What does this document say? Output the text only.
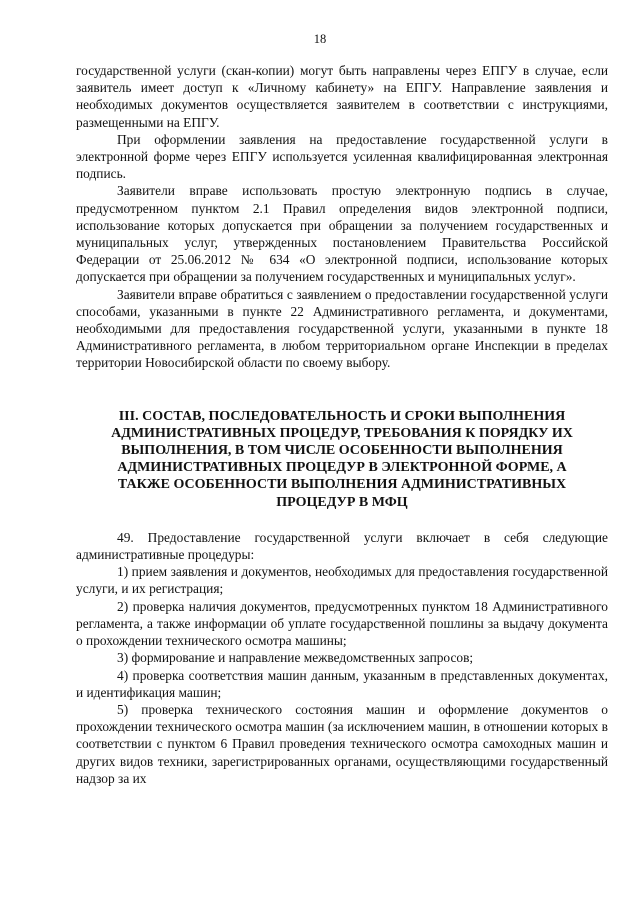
18

государственной услуги (скан-копии) могут быть направлены через ЕПГУ в случае, если заявитель имеет доступ к «Личному кабинету» на ЕПГУ. Направление заявления и необходимых документов осуществляется заявителем в соответствии с инструкциями, размещенными на ЕПГУ.

При оформлении заявления на предоставление государственной услуги в электронной форме через ЕПГУ используется усиленная квалифицированная электронная подпись.

Заявители вправе использовать простую электронную подпись в случае, предусмотренном пунктом 2.1 Правил определения видов электронной подписи, использование которых допускается при обращении за получением государственных и муниципальных услуг, утвержденных постановлением Правительства Российской Федерации от 25.06.2012 № 634 «О электронной подписи, использование которых допускается при обращении за получением государственных и муниципальных услуг».

Заявители вправе обратиться с заявлением о предоставлении государственной услуги способами, указанными в пункте 22 Административного регламента, и документами, необходимыми для предоставления государственной услуги, указанными в пункте 18 Административного регламента, в любом территориальном органе Инспекции в пределах территории Новосибирской области по своему выбору.

III. СОСТАВ, ПОСЛЕДОВАТЕЛЬНОСТЬ И СРОКИ ВЫПОЛНЕНИЯ АДМИНИСТРАТИВНЫХ ПРОЦЕДУР, ТРЕБОВАНИЯ К ПОРЯДКУ ИХ ВЫПОЛНЕНИЯ, В ТОМ ЧИСЛЕ ОСОБЕННОСТИ ВЫПОЛНЕНИЯ
АДМИНИСТРАТИВНЫХ ПРОЦЕДУР В ЭЛЕКТРОННОЙ ФОРМЕ, А ТАКЖЕ ОСОБЕННОСТИ ВЫПОЛНЕНИЯ АДМИНИСТРАТИВНЫХ ПРОЦЕДУР В МФЦ

49. Предоставление государственной услуги включает в себя следующие административные процедуры:

1) прием заявления и документов, необходимых для предоставления государственной услуги, и их регистрация;

2) проверка наличия документов, предусмотренных пунктом 18 Административного регламента, а также информации об уплате государственной пошлины за выдачу документа о прохождении технического осмотра машины;

3) формирование и направление межведомственных запросов;

4) проверка соответствия машин данным, указанным в представленных документах, и идентификация машин;

5) проверка технического состояния машин и оформление документов о прохождении технического осмотра машин (за исключением машин, в отношении которых в соответствии с пунктом 6 Правил проведения технического осмотра самоходных машин и других видов техники, зарегистрированных органами, осуществляющими государственный надзор за их
